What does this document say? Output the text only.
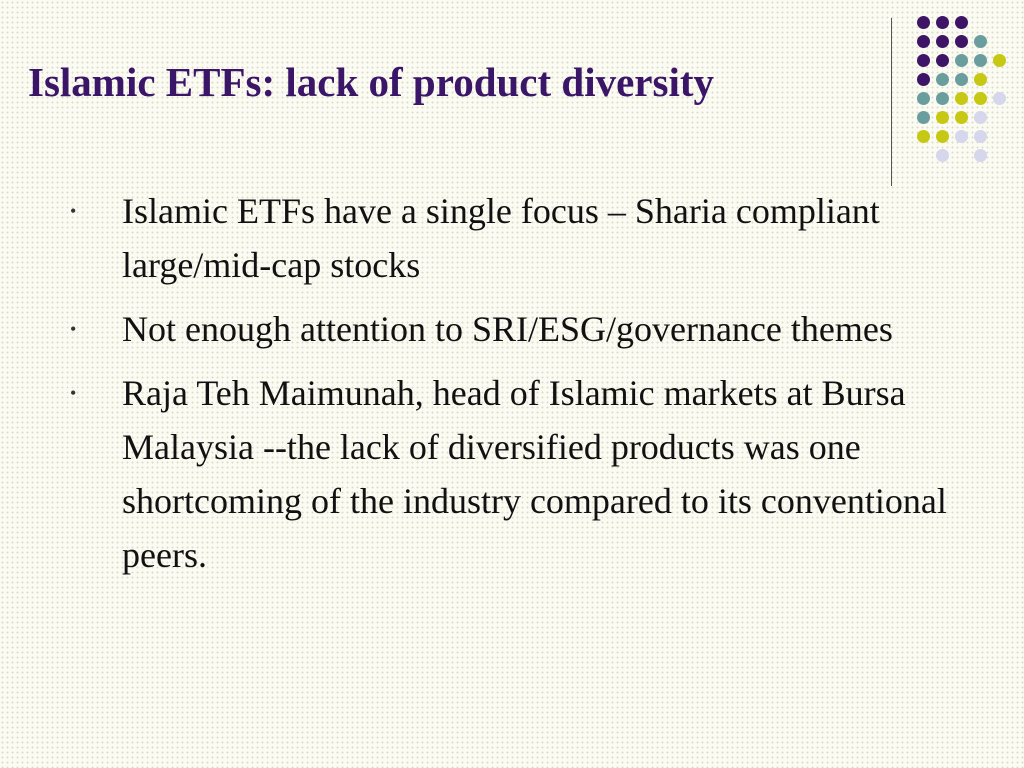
Islamic ETFs: lack of product diversity
• Islamic ETFs have a single focus – Sharia compliant large/mid-cap stocks
• Not enough attention to SRI/ESG/governance themes
• Raja Teh Maimunah, head of Islamic markets at Bursa Malaysia --the lack of diversified products was one shortcoming of the industry compared to its conventional peers.
